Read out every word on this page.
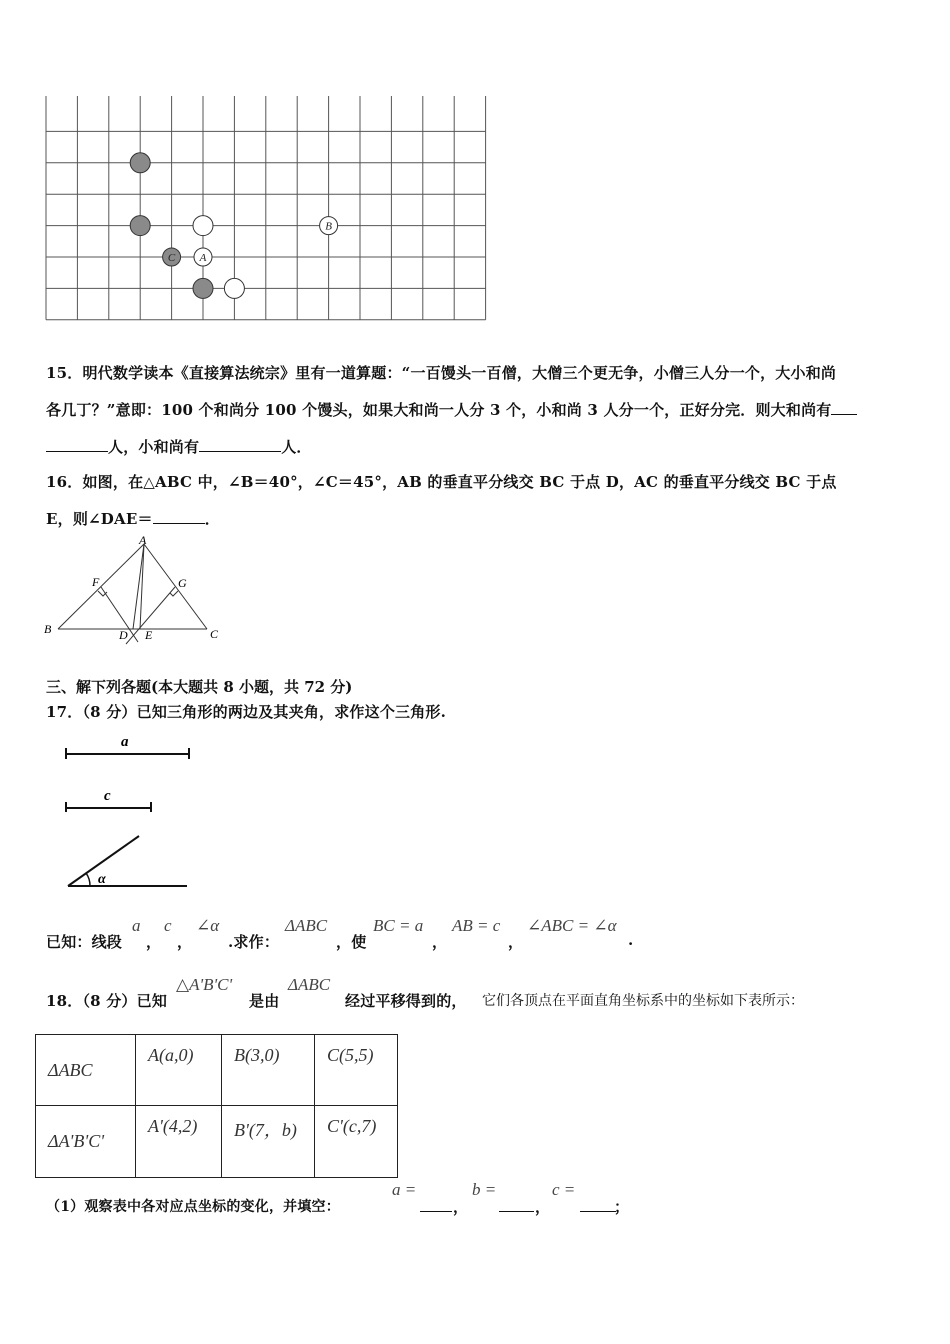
B
C A
15．明代数学读本《直接算法统宗》里有一道算题：“一百馒头一百僧，大僧三个更无争，小僧三人分一个，大小和尚
各几丁？”意即：100 个和尚分 100 个馒头，如果大和尚一人分 3 个，小和尚 3 人分一个，正好分完．则大和尚有
人，小和尚有	人．
16．如图，在△ABC 中，∠B＝40°，∠C＝45°，AB 的垂直平分线交 BC 于点 D，AC 的垂直平分线交 BC 于点
E，则∠DAE＝	．
A
B	C
D E
F	G
三、解下列各题(本大题共 8 小题，共 72 分)
17．（8 分）已知三角形的两边及其夹角，求作这个三角形.
a
c
α
已知：线段
a
，
c
，
∠α
.求作：
ΔABC
，使
BC = a
，
AB = c
，
∠ABC = ∠α
.
18．（8 分）已知
△A'B'C'
是由
ΔABC
经过平移得到的， 它们各顶点在平面直角坐标系中的坐标如下表所示：
ΔABC	A(a,0)	B(3,0)	C(5,5)
ΔA'B'C'	A'(4,2)	B'(7，b)	C'(c,7)
（1）观察表中各对应点坐标的变化，并填空：
a =
，
b =
，
c =
；
